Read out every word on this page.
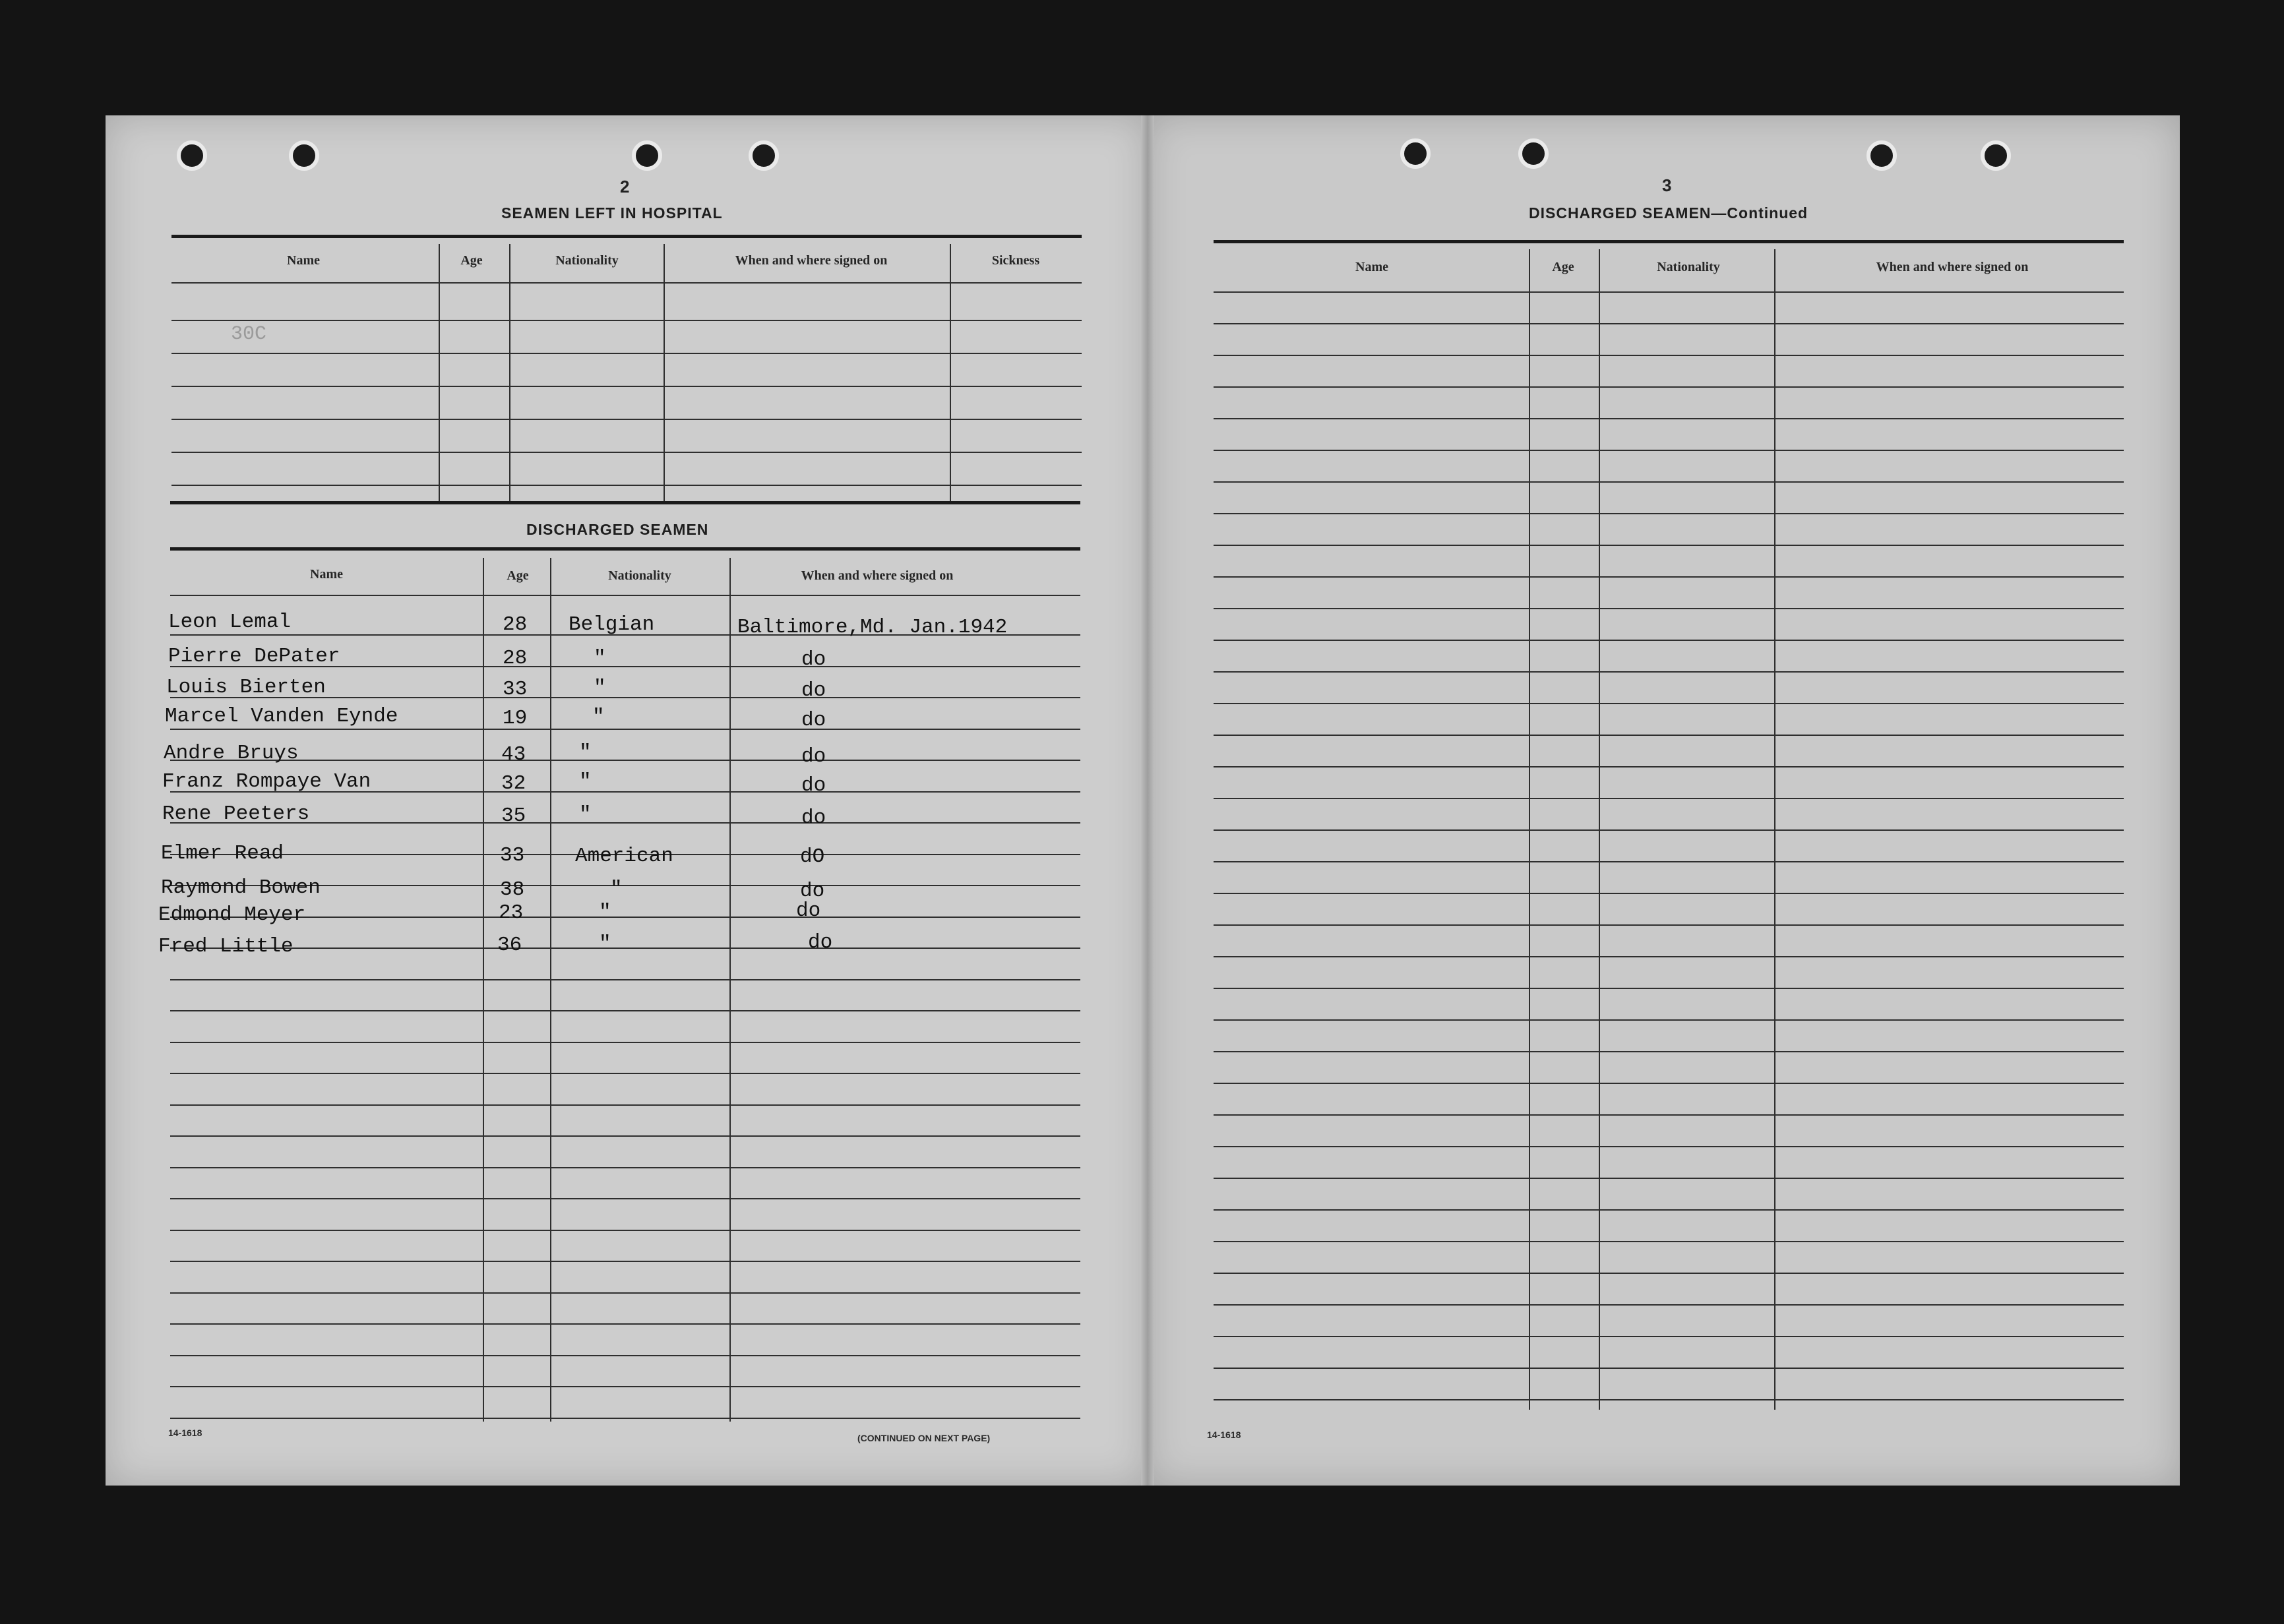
2
SEAMEN LEFT IN HOSPITAL
Name	Age	Nationality	When and where signed on	Sickness
30C
DISCHARGED SEAMEN
Name	Age	Nationality	When and where signed on
Leon Lemal	28 Belgian	Baltimore,Md. Jan.1942
Pierre DePater	28	"	do
Louis Bierten	33	"	do
Marcel Vanden Eynde	19	"	do
Andre Bruys	43	"	do
Franz Rompaye Van	32	"	do
Rene Peeters	35	"	do
Elmer Read	33 American	dO
Raymond Bowen	38	"	do
Edmond Meyer	23	"	do
Fred Little	36	"	do
14-1618	(CONTINUED ON NEXT PAGE)
3
DISCHARGED SEAMEN—Continued
Name	Age	Nationality	When and where signed on
14-1618
